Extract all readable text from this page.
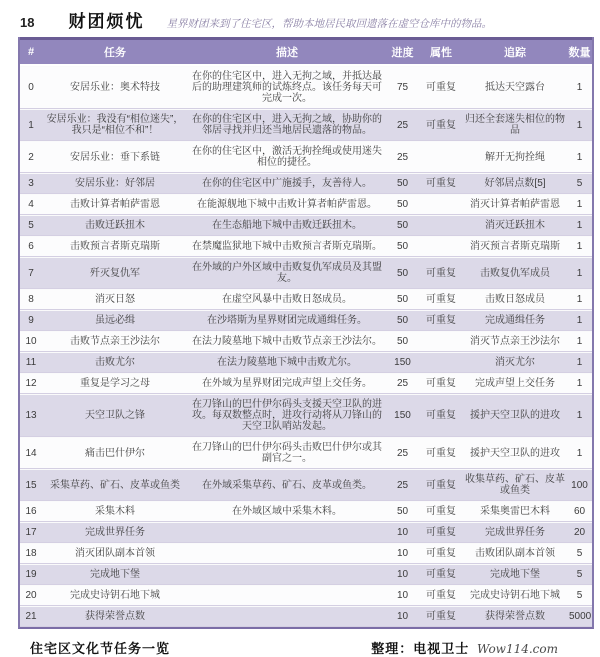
18 财团烦忧 星界财团来到了住宅区，帮助本地居民取回遗落在虚空仓库中的物品。
#	任务	描述	进度	属性	追踪	数量
0	安居乐业：奥术特技	在你的住宅区中，进入无拘之域，并抵达最后的助理建筑师的试炼终点。该任务每天可完成一次。	75	可重复	抵达天空露台	1
1	安居乐业：我没有“相位迷失”，我只是“相位不和”！	在你的住宅区中，进入无拘之域，协助你的邻居寻找并归还当地居民遗落的物品。	25	可重复	归还全套迷失相位的物品	1
2	安居乐业：垂下系链	在你的住宅区中，激活无拘拴绳或使用迷失相位的捷径。	25		解开无拘拴绳	1
3	安居乐业：好邻居	在你的住宅区中广施援手，友善待人。	50	可重复	好邻居点数[5]	5
4	击败计算者帕萨雷恩	在能源舰地下城中击败计算者帕萨雷恩。	50		消灭计算者帕萨雷恩	1
5	击败迁跃扭木	在生态船地下城中击败迁跃扭木。	50		消灭迁跃扭木	1
6	击败预言者斯克瑞斯	在禁魔监狱地下城中击败预言者斯克瑞斯。	50		消灭预言者斯克瑞斯	1
7	歼灭复仇军	在外域的户外区域中击败复仇军成员及其盟友。	50	可重复	击败复仇军成员	1
8	消灭日怒	在虚空风暴中击败日怒成员。	50	可重复	击败日怒成员	1
9	虽远必缉	在沙塔斯为星界财团完成通缉任务。	50	可重复	完成通缉任务	1
10	击败节点亲王沙法尔	在法力陵墓地下城中击败节点亲王沙法尔。	50		消灭节点亲王沙法尔	1
11	击败尤尔	在法力陵墓地下城中击败尤尔。	150		消灭尤尔	1
12	重复是学习之母	在外域为星界财团完成声望上交任务。	25	可重复	完成声望上交任务	1
13	天空卫队之锋	在刀锋山的巴什伊尔码头支援天空卫队的进攻。每双数整点时，进攻行动将从刀锋山的天空卫队哨站发起。	150	可重复	援护天空卫队的进攻	1
14	痛击巴什伊尔	在刀锋山的巴什伊尔码头击败巴什伊尔或其副官之一。	25	可重复	援护天空卫队的进攻	1
15	采集草药、矿石、皮革或鱼类	在外域采集草药、矿石、皮革或鱼类。	25	可重复	收集草药、矿石、皮革或鱼类	100
16	采集木料	在外域区域中采集木料。	50	可重复	采集奥雷巴木料	60
17	完成世界任务		10	可重复	完成世界任务	20
18	消灭团队副本首领		10	可重复	击败团队副本首领	5
19	完成地下堡		10	可重复	完成地下堡	5
20	完成史诗钥石地下城		10	可重复	完成史诗钥石地下城	5
21	获得荣誉点数		10	可重复	获得荣誉点数	5000
住宅区文化节任务一览	整理：电视卫士 Wow114.com
